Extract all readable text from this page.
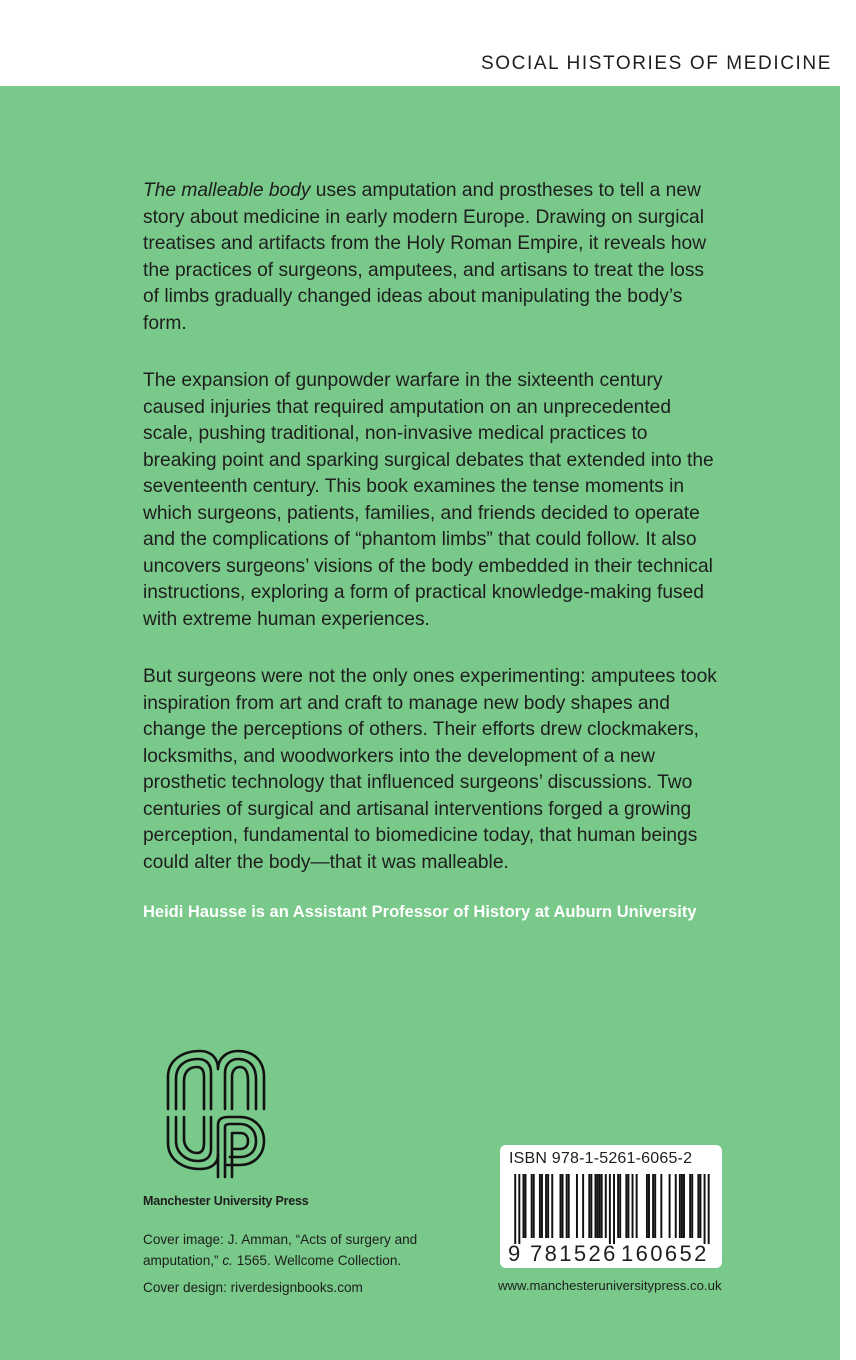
SOCIAL HISTORIES OF MEDICINE

The malleable body uses amputation and prostheses to tell a new story about medicine in early modern Europe. Drawing on surgical treatises and artifacts from the Holy Roman Empire, it reveals how the practices of surgeons, amputees, and artisans to treat the loss of limbs gradually changed ideas about manipulating the body’s form.

The expansion of gunpowder warfare in the sixteenth century caused injuries that required amputation on an unprecedented scale, pushing traditional, non-invasive medical practices to breaking point and sparking surgical debates that extended into the seventeenth century. This book examines the tense moments in which surgeons, patients, families, and friends decided to operate and the complications of “phantom limbs” that could follow. It also uncovers surgeons’ visions of the body embedded in their technical instructions, exploring a form of practical knowledge-making fused with extreme human experiences.

But surgeons were not the only ones experimenting: amputees took inspiration from art and craft to manage new body shapes and change the perceptions of others. Their efforts drew clockmakers, locksmiths, and woodworkers into the development of a new prosthetic technology that influenced surgeons’ discussions. Two centuries of surgical and artisanal interventions forged a growing perception, fundamental to biomedicine today, that human beings could alter the body—that it was malleable.

Heidi Hausse is an Assistant Professor of History at Auburn University
Manchester University Press
Cover image: J. Amman, “Acts of surgery and amputation,” c. 1565. Wellcome Collection.
Cover design: riverdesignbooks.com
ISBN 978-1-5261-6065-2
9 781526 160652
www.manchesteruniversitypress.co.uk
